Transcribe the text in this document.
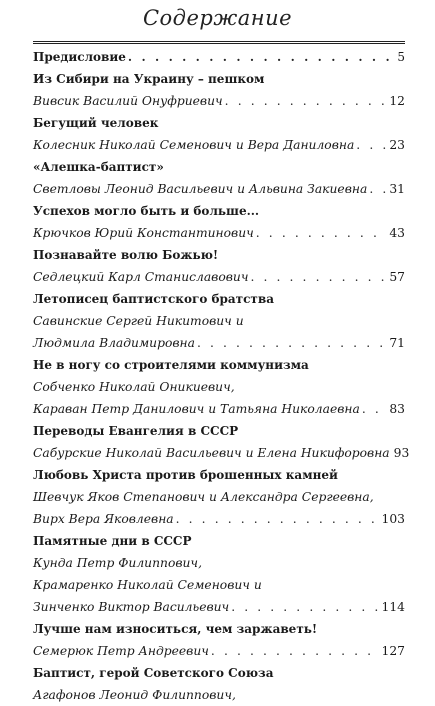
Содержание
Предисловие . . .	5
Из Сибири на Украину – пешком
Вивсик Василий Онуфриевич . . .	12
Бегущий человек
Колесник Николай Семенович и Вера Даниловна . . .	23
«Алешка-баптист»
Светловы Леонид Васильевич и Альвина Закиевна . . . 31
Успехов могло быть и больше...
Крючков Юрий Константинович . . .	43
Познавайте волю Божью!
Седлецкий Карл Станиславович . . .	57
Летописец баптистского братства
Савинские Сергей Никитович и
Людмила Владимировна . . .	71
Не в ногу со строителями коммунизма
Собченко Николай Оникиевич,
Караван Петр Данилович и Татьяна Николаевна . . . 83
Переводы Евангелия в СССР
Сабурские Николай Васильевич и Елена Никифоровна 93
Любовь Христа против брошенных камней
Шевчук Яков Степанович и Александра Сергеевна,
Вирх Вера Яковлевна . . .	103
Памятные дни в СССР
Кунда Петр Филиппович,
Крамаренко Николай Семенович и
Зинченко Виктор Васильевич . . .	114
Лучше нам износиться, чем заржаветь!
Семерюк Петр Андреевич . . .	127
Баптист, герой Советского Союза
Агафонов Леонид Филиппович,
